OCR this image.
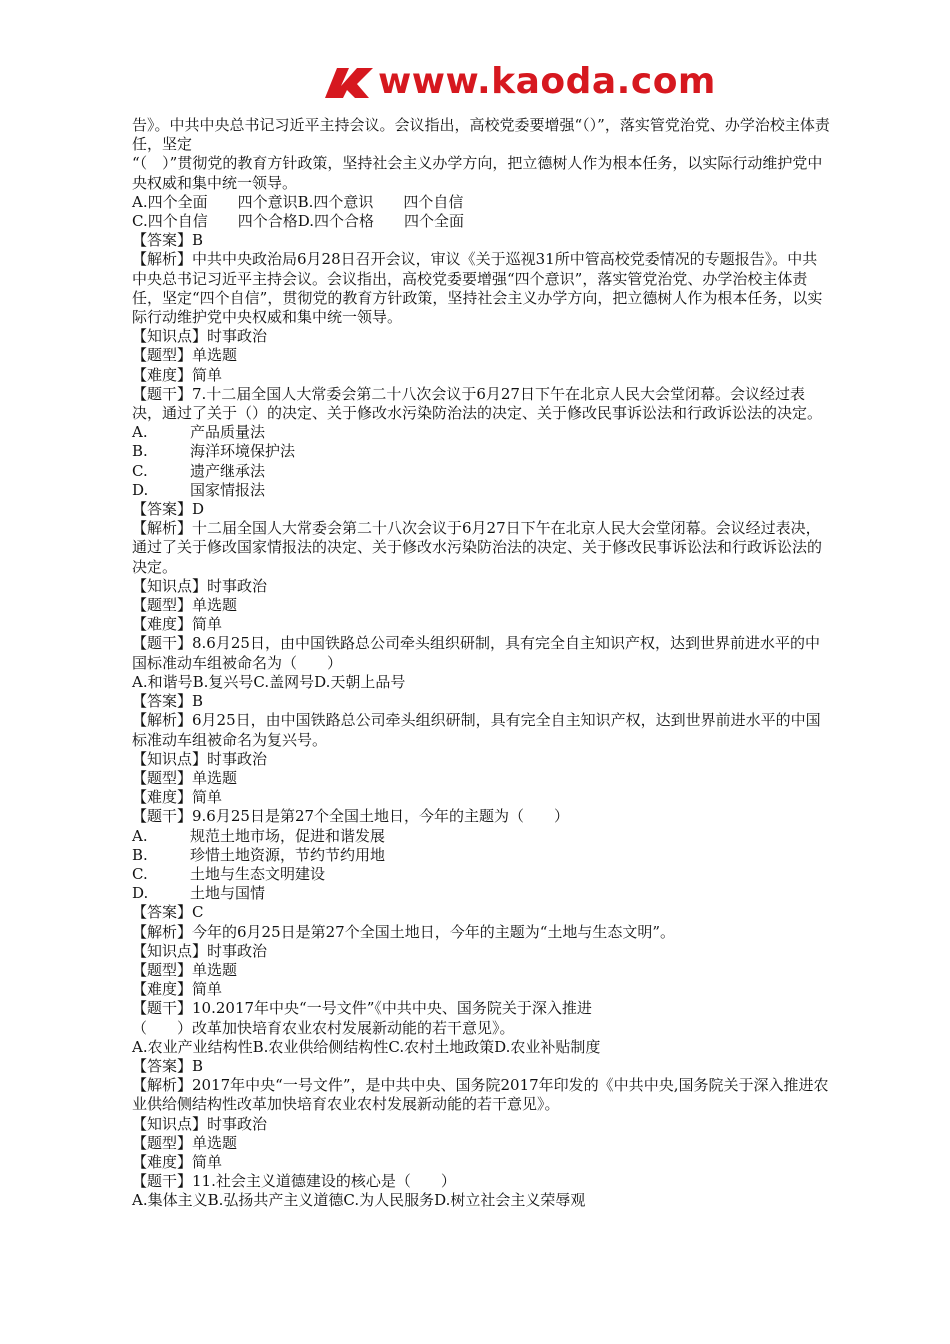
www.kaoda.com

告》。中共中央总书记习近平主持会议。会议指出，高校党委要增强“（）”，落实管党治党、办学治校主体责任，坚定

“（　）”贯彻党的教育方针政策，坚持社会主义办学方向，把立德树人作为根本任务，以实际行动维护党中央权威和集中统一领导。

A.四个全面　　四个意识B.四个意识　　四个自信

C.四个自信　　四个合格D.四个合格　　四个全面

【答案】B

【解析】中共中央政治局6月28日召开会议，审议《关于巡视31所中管高校党委情况的专题报告》。中共中央总书记习近平主持会议。会议指出，高校党委要增强“四个意识”，落实管党治党、办学治校主体责任，坚定“四个自信”，贯彻党的教育方针政策，坚持社会主义办学方向，把立德树人作为根本任务，以实际行动维护党中央权威和集中统一领导。

【知识点】时事政治

【题型】单选题

【难度】简单

【题干】7.十二届全国人大常委会第二十八次会议于6月27日下午在北京人民大会堂闭幕。会议经过表决，通过了关于（）的决定、关于修改水污染防治法的决定、关于修改民事诉讼法和行政诉讼法的决定。

A.	产品质量法
B.	海洋环境保护法
C.	遗产继承法
D.	国家情报法

【答案】D

【解析】十二届全国人大常委会第二十八次会议于6月27日下午在北京人民大会堂闭幕。会议经过表决，通过了关于修改国家情报法的决定、关于修改水污染防治法的决定、关于修改民事诉讼法和行政诉讼法的决定。

【知识点】时事政治

【题型】单选题

【难度】简单

【题干】8.6月25日，由中国铁路总公司牵头组织研制，具有完全自主知识产权，达到世界前进水平的中国标准动车组被命名为（　　）

A.和谐号B.复兴号C.盖网号D.天朝上品号

【答案】B

【解析】6月25日，由中国铁路总公司牵头组织研制，具有完全自主知识产权，达到世界前进水平的中国标准动车组被命名为复兴号。

【知识点】时事政治

【题型】单选题

【难度】简单

【题干】9.6月25日是第27个全国土地日，今年的主题为（　　）

A.	规范土地市场，促进和谐发展
B.	珍惜土地资源，节约节约用地
C.	土地与生态文明建设
D.	土地与国情

【答案】C

【解析】今年的6月25日是第27个全国土地日，今年的主题为“土地与生态文明”。

【知识点】时事政治

【题型】单选题

【难度】简单

【题干】10.2017年中央“一号文件”《中共中央、国务院关于深入推进

（　　）改革加快培育农业农村发展新动能的若干意见》。

A.农业产业结构性B.农业供给侧结构性C.农村土地政策D.农业补贴制度

【答案】B

【解析】2017年中央“一号文件”，是中共中央、国务院2017年印发的《中共中央,国务院关于深入推进农业供给侧结构性改革加快培育农业农村发展新动能的若干意见》。

【知识点】时事政治

【题型】单选题

【难度】简单

【题干】11.社会主义道德建设的核心是（　　）

A.集体主义B.弘扬共产主义道德C.为人民服务D.树立社会主义荣辱观
